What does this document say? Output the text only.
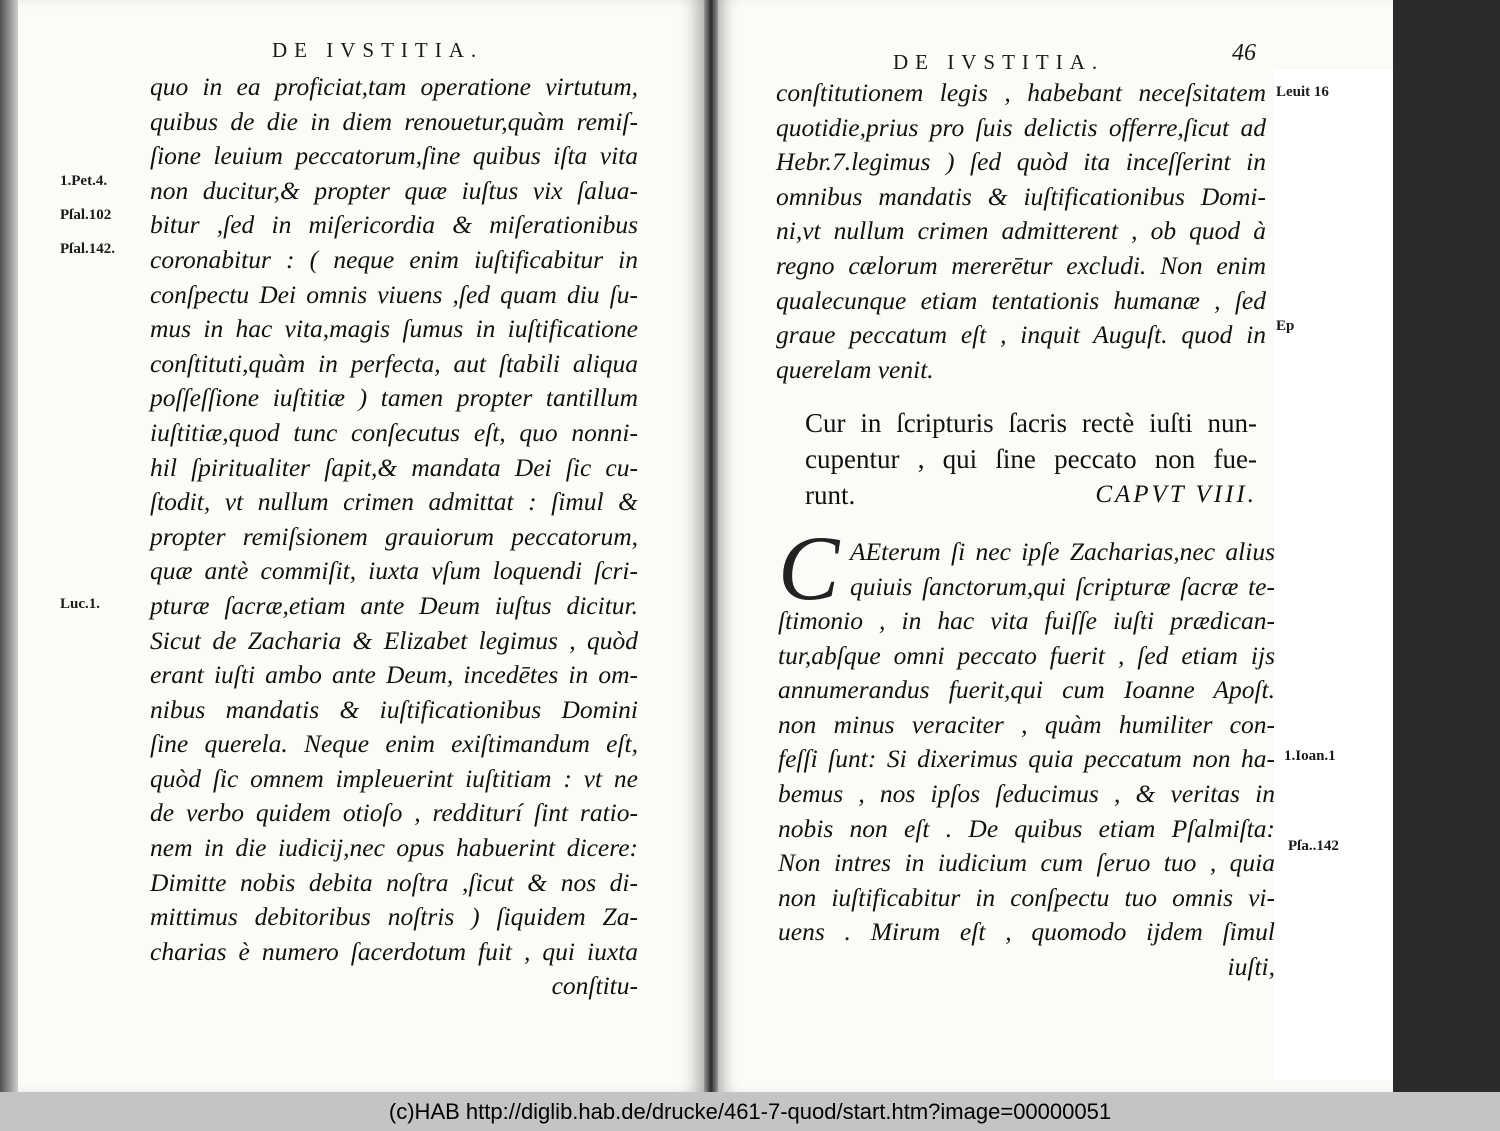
DE IVSTITIA.
quo in ea proficiat,tam operatione virtutum,
quibus de die in diem renouetur,quàm remiſ-
ſione leuium peccatorum,ſine quibus iſta vita
non ducitur,& propter quæ iuſtus vix ſalua-
bitur ,ſed in miſericordia & miſerationibus
coronabitur : ( neque enim iuſtificabitur in
conſpectu Dei omnis viuens ,ſed quam diu ſu-
mus in hac vita,magis ſumus in iuſtificatione
conſtituti,quàm in perfecta, aut ſtabili aliqua
poſſeſſione iuſtitiæ ) tamen propter tantillum
iuſtitiæ,quod tunc conſecutus eſt, quo nonni-
hil ſpiritualiter ſapit,& mandata Dei ſic cu-
ſtodit, vt nullum crimen admittat : ſimul &
propter remiſsionem grauiorum peccatorum,
quæ antè commiſit, iuxta vſum loquendi ſcri-
pturæ ſacræ,etiam ante Deum iuſtus dicitur.
Sicut de Zacharia & Elizabet legimus , quòd
erant iuſti ambo ante Deum, incedētes in om-
nibus mandatis & iuſtificationibus Domini
ſine querela. Neque enim exiſtimandum eſt,
quòd ſic omnem impleuerint iuſtitiam : vt ne
de verbo quidem otioſo , redditurí ſint ratio-
nem in die iudicij,nec opus habuerint dicere:
Dimitte nobis debita noſtra ,ſicut & nos di-
mittimus debitoribus noſtris ) ſiquidem Za-
charias è numero ſacerdotum fuit , qui iuxta
conſtitu-
1.Pet.4.
Pſal.102
Pſal.142.
Luc.1.
DE IVSTITIA.	46
conſtitutionem legis , habebant neceſsitatem
quotidie,prius pro ſuis delictis offerre,ſicut ad
Hebr.7.legimus ) ſed quòd ita inceſſerint in
omnibus mandatis & iuſtificationibus Domi-
ni,vt nullum crimen admitterent , ob quod à
regno cælorum mererētur excludi. Non enim
qualecunque etiam tentationis humanæ , ſed
graue peccatum eſt , inquit Auguſt. quod in
querelam venit.
Cur in ſcripturis ſacris rectè iuſti nun-
cupentur , qui ſine peccato non fue-
runt.	CAPVT VIII.
C AEterum ſi nec ipſe Zacharias,nec alius
quiuis ſanctorum,qui ſcripturæ ſacræ te-
ſtimonio , in hac vita fuiſſe iuſti prædican-
tur,abſque omni peccato fuerit , ſed etiam ijs
annumerandus fuerit,qui cum Ioanne Apoſt.
non minus veraciter , quàm humiliter con-
feſſi ſunt: Si dixerimus quia peccatum non ha-
bemus , nos ipſos ſeducimus , & veritas in
nobis non eſt . De quibus etiam Pſalmiſta:
Non intres in iudicium cum ſeruo tuo , quia
non iuſtificabitur in conſpectu tuo omnis vi-
uens . Mirum eſt , quomodo ijdem ſimul
iuſti,
Leuit 16
Ep
1.Ioan.1
Pſa..142
(c)HAB http://diglib.hab.de/drucke/461-7-quod/start.htm?image=00000051
